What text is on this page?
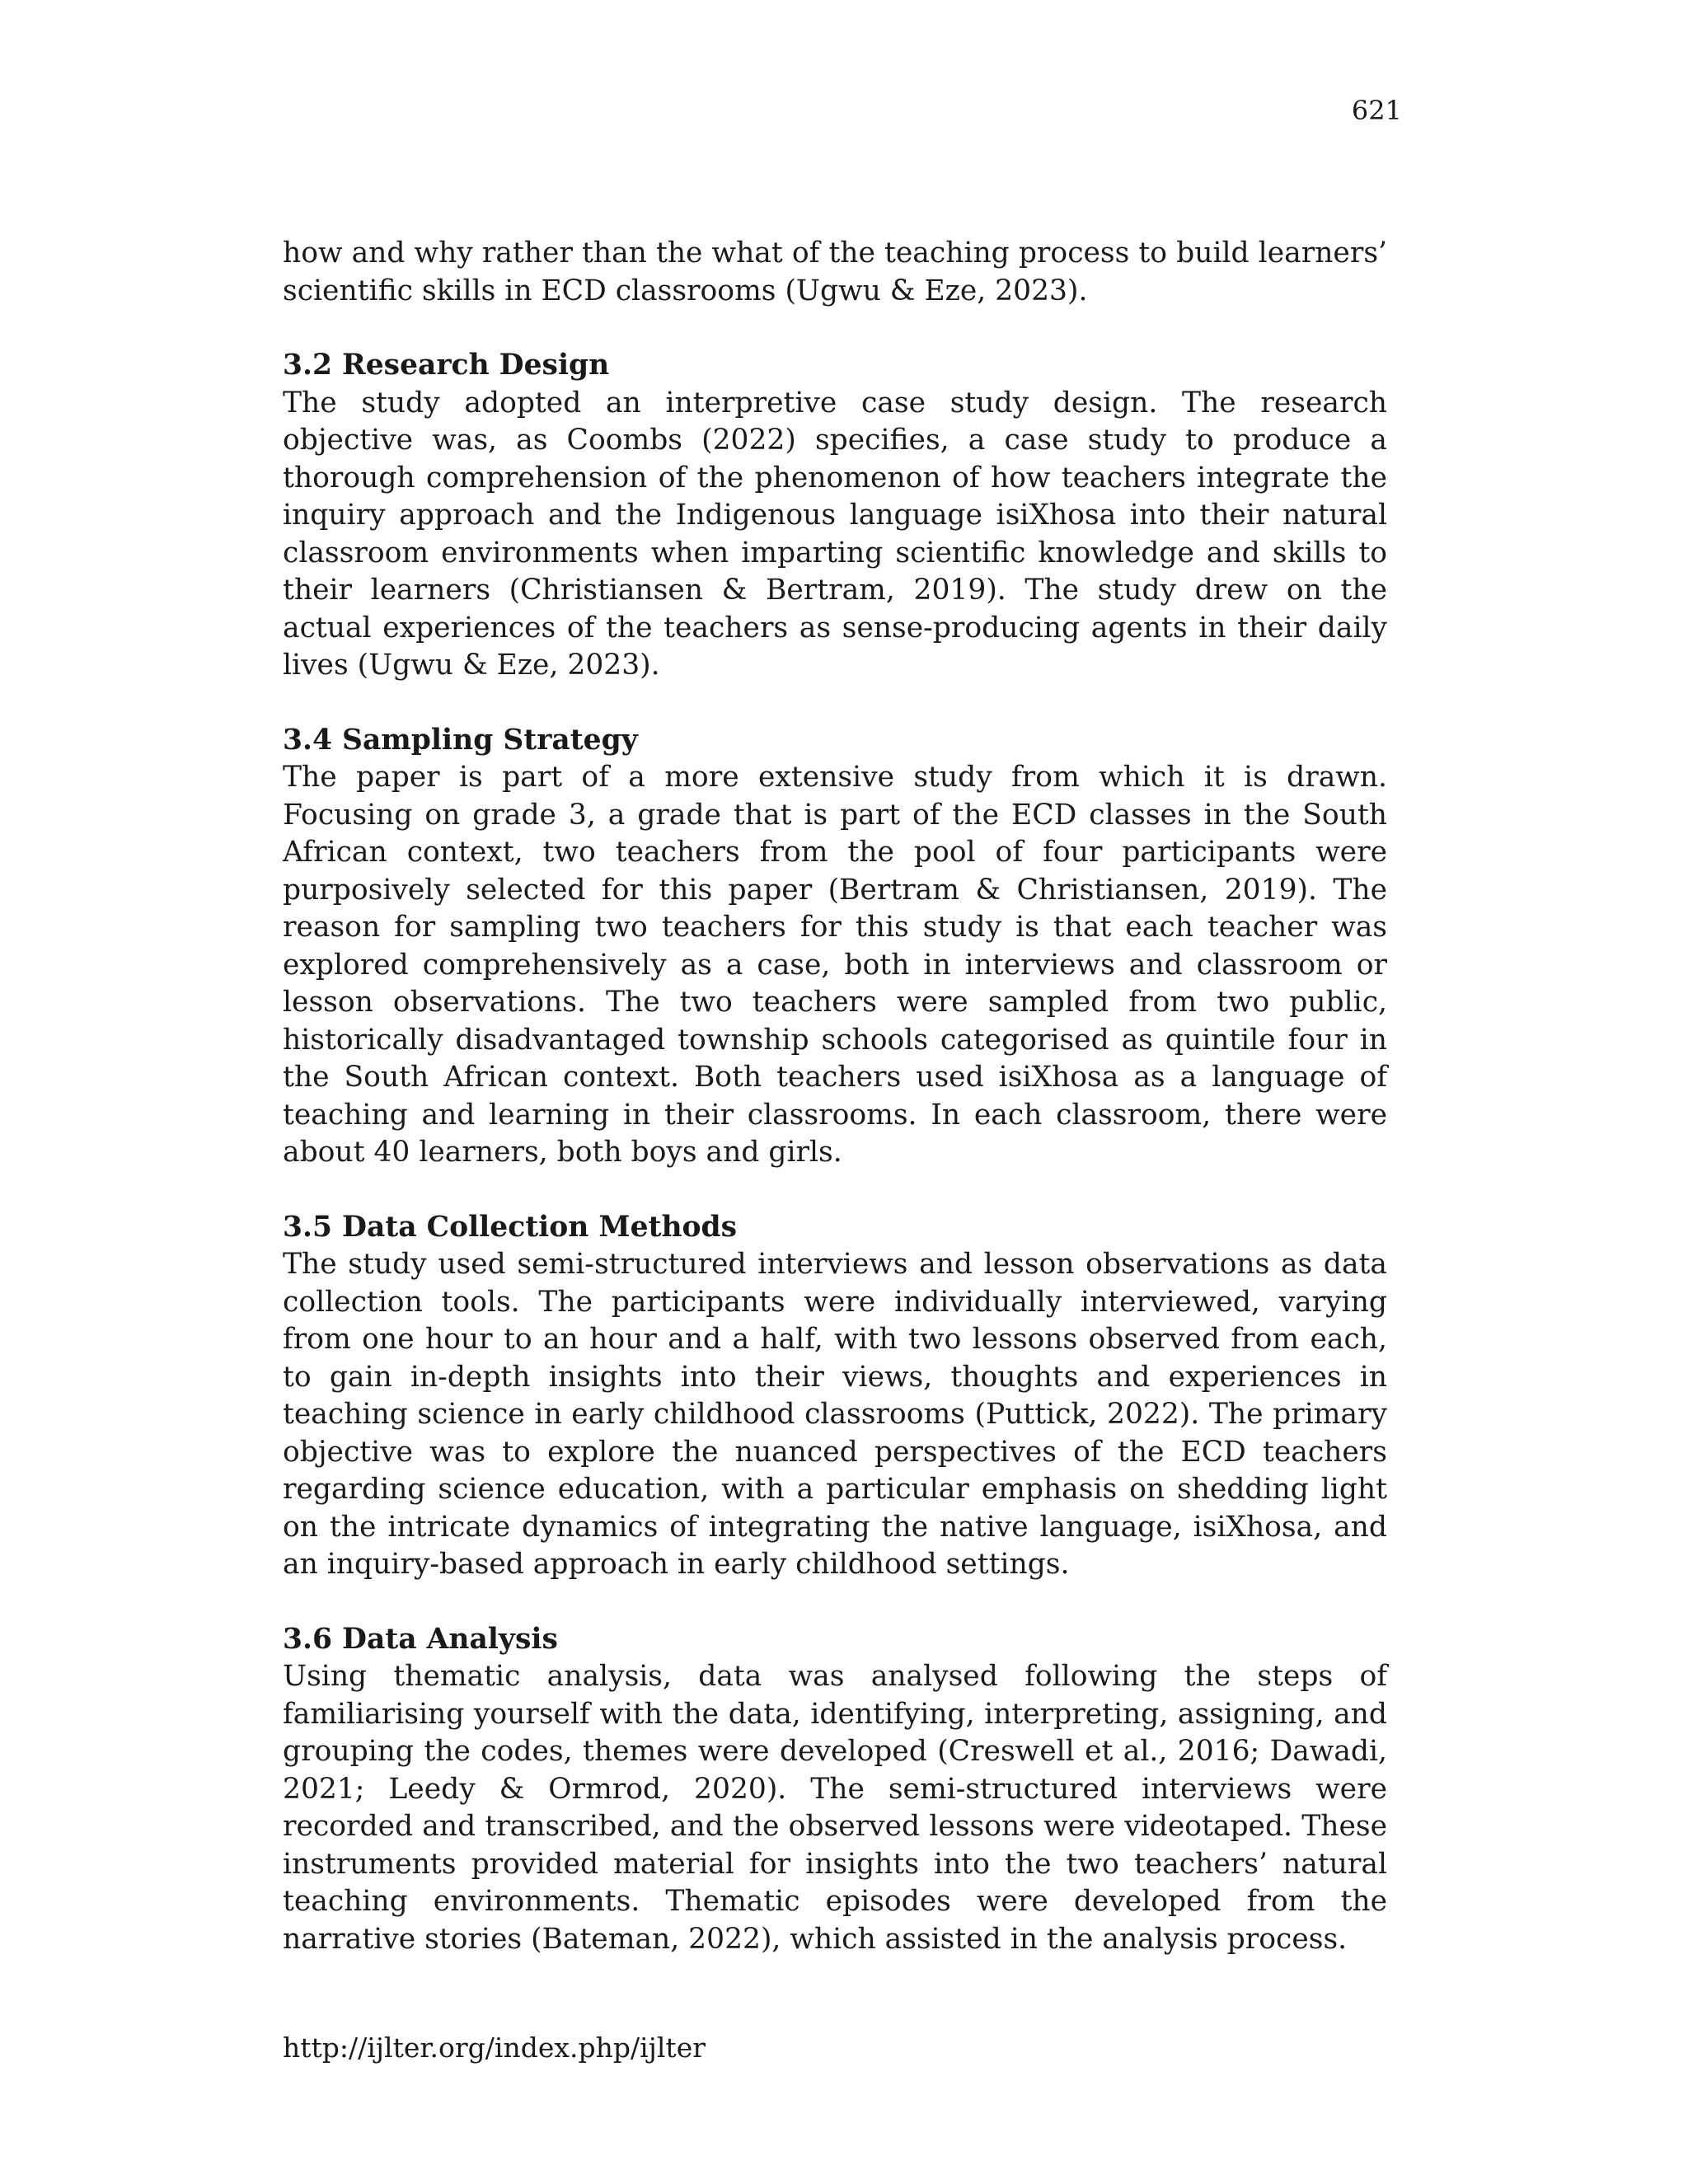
621

how and why rather than the what of the teaching process to build learners’ scientific skills in ECD classrooms (Ugwu & Eze, 2023).

3.2 Research Design

The study adopted an interpretive case study design. The research objective was, as Coombs (2022) specifies, a case study to produce a thorough comprehension of the phenomenon of how teachers integrate the inquiry approach and the Indigenous language isiXhosa into their natural classroom environments when imparting scientific knowledge and skills to their learners (Christiansen & Bertram, 2019). The study drew on the actual experiences of the teachers as sense-producing agents in their daily lives (Ugwu & Eze, 2023).

3.4 Sampling Strategy

The paper is part of a more extensive study from which it is drawn. Focusing on grade 3, a grade that is part of the ECD classes in the South African context, two teachers from the pool of four participants were purposively selected for this paper (Bertram & Christiansen, 2019). The reason for sampling two teachers for this study is that each teacher was explored comprehensively as a case, both in interviews and classroom or lesson observations. The two teachers were sampled from two public, historically disadvantaged township schools categorised as quintile four in the South African context. Both teachers used isiXhosa as a language of teaching and learning in their classrooms. In each classroom, there were about 40 learners, both boys and girls.

3.5 Data Collection Methods

The study used semi-structured interviews and lesson observations as data collection tools. The participants were individually interviewed, varying from one hour to an hour and a half, with two lessons observed from each, to gain in-depth insights into their views, thoughts and experiences in teaching science in early childhood classrooms (Puttick, 2022). The primary objective was to explore the nuanced perspectives of the ECD teachers regarding science education, with a particular emphasis on shedding light on the intricate dynamics of integrating the native language, isiXhosa, and an inquiry-based approach in early childhood settings.

3.6 Data Analysis

Using thematic analysis, data was analysed following the steps of familiarising yourself with the data, identifying, interpreting, assigning, and grouping the codes, themes were developed (Creswell et al., 2016; Dawadi, 2021; Leedy & Ormrod, 2020). The semi-structured interviews were recorded and transcribed, and the observed lessons were videotaped. These instruments provided material for insights into the two teachers’ natural teaching environments. Thematic episodes were developed from the narrative stories (Bateman, 2022), which assisted in the analysis process.

http://ijlter.org/index.php/ijlter
